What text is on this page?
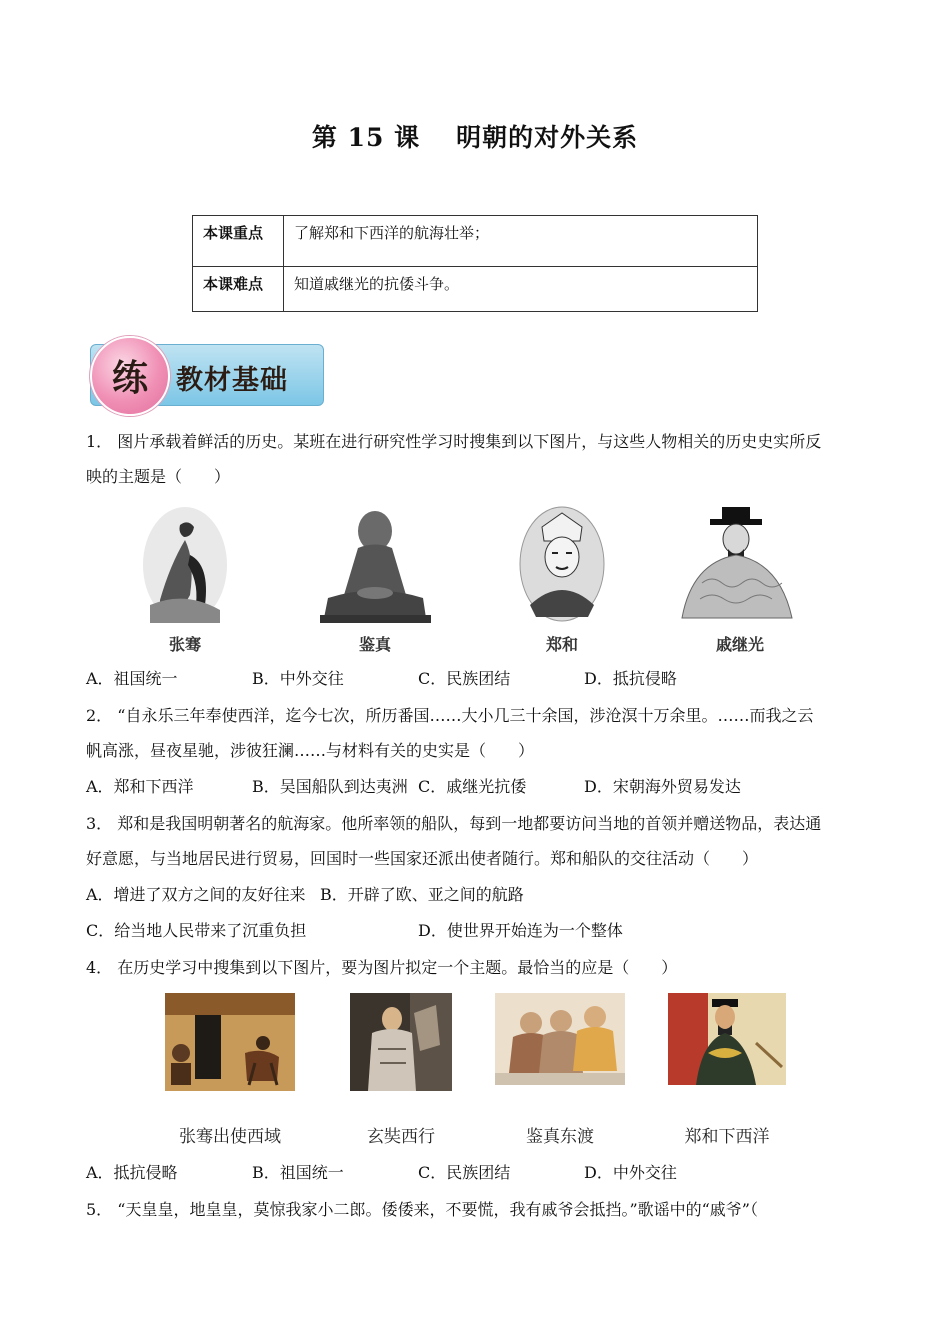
第 15 课 明朝的对外关系
本课重点	了解郑和下西洋的航海壮举；
本课难点	知道戚继光的抗倭斗争。
练	教材基础
1． 图片承载着鲜活的历史。某班在进行研究性学习时搜集到以下图片，与这些人物相关的历史史实所反
映的主题是（　　）
张骞	鉴真	郑和	戚继光
A．祖国统一	B．中外交往	C．民族团结	D．抵抗侵略
2． “自永乐三年奉使西洋，迄今七次，所历番国……大小几三十余国，涉沧溟十万余里。……而我之云
帆高涨，昼夜星驰，涉彼狂澜……与材料有关的史实是（　　）
A．郑和下西洋	B．吴国船队到达夷洲 C．戚继光抗倭	D．宋朝海外贸易发达
3． 郑和是我国明朝著名的航海家。他所率领的船队，每到一地都要访问当地的首领并赠送物品，表达通
好意愿，与当地居民进行贸易，回国时一些国家还派出使者随行。郑和船队的交往活动（　　）
A．增进了双方之间的友好往来 B．开辟了欧、亚之间的航路
C．给当地人民带来了沉重负担	D．使世界开始连为一个整体
4． 在历史学习中搜集到以下图片，要为图片拟定一个主题。最恰当的应是（　　）
张骞出使西域	玄奘西行	鉴真东渡	郑和下西洋
A．抵抗侵略	B．祖国统一	C．民族团结	D．中外交往
5． “天皇皇，地皇皇，莫惊我家小二郎。倭倭来，不要慌，我有戚爷会抵挡。”歌谣中的“戚爷”（
